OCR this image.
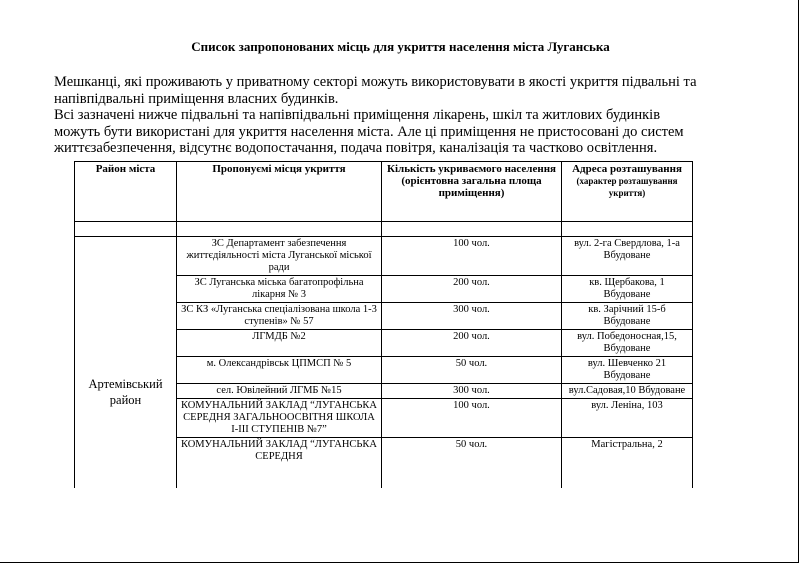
Список запропонованих місць для укриття населення міста Луганська

Мешканці, які проживають у приватному секторі можуть використовувати в якості укриття підвальні та

напівпідвальні приміщення власних будинків.

Всі зазначені нижче підвальні та напівпідвальні приміщення лікарень, шкіл та житлових будинків

можуть бути використані для укриття населення міста. Але ці приміщення не пристосовані до систем

життєзабезпечення, відсутнє водопостачання, подача повітря, каналізація та частково освітлення.

Район міста	Пропонуємі місця укриття	Кількість укриваємого населення (орієнтовна загальна площа приміщення)	Адреса розташування
(характер розташування укриття)

Артемівський район	ЗС Департамент забезпечення життєдіяльності міста Луганської міської ради	100 чол.	вул. 2-га Свердлова, 1-а Вбудоване
	ЗС Луганська міська багатопрофільна лікарня № 3	200 чол.	кв. Щербакова, 1 Вбудоване
	ЗС КЗ «Луганська спеціалізована школа 1-3 ступенів» № 57	300 чол.	кв. Зарічний 15-б Вбудоване
	ЛГМДБ №2	200 чол.	вул. Победоносная,15, Вбудоване
	м. Олександрівськ ЦПМСП № 5	50 чол.	вул. Шевченко 21 Вбудоване
	сел. Ювілейний ЛГМБ №15	300 чол.	вул.Садовая,10 Вбудоване
	КОМУНАЛЬНИЙ ЗАКЛАД “ЛУГАНСЬКА СЕРЕДНЯ ЗАГАЛЬНООСВІТНЯ ШКОЛА І-ІІІ СТУПЕНІВ №7”	100 чол.	вул. Леніна, 103
	КОМУНАЛЬНИЙ ЗАКЛАД “ЛУГАНСЬКА СЕРЕДНЯ	50 чол.	Магістральна, 2
